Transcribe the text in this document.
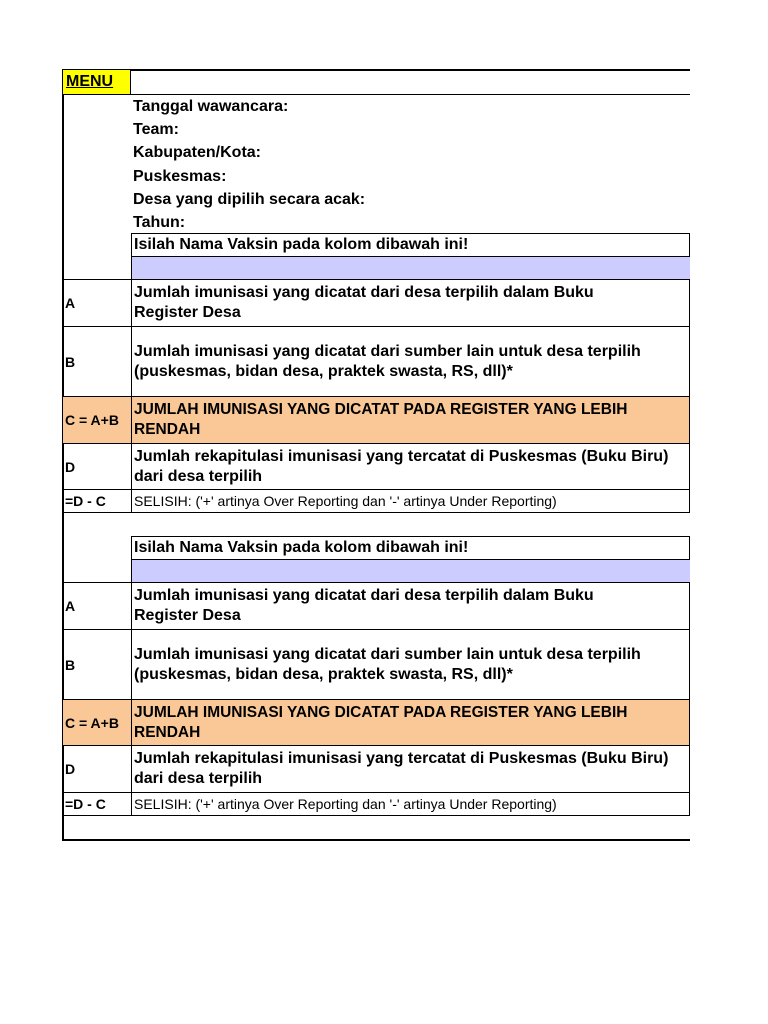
MENU
Tanggal wawancara:
Team:
Kabupaten/Kota:
Puskesmas:
Desa yang dipilih secara acak:
Tahun:
Isilah Nama Vaksin pada kolom dibawah ini!
A
Jumlah imunisasi yang dicatat dari desa terpilih dalam Buku Register Desa
B
Jumlah imunisasi yang dicatat dari sumber lain untuk desa terpilih (puskesmas, bidan desa, praktek swasta, RS, dll)*
C = A+B
JUMLAH IMUNISASI YANG DICATAT PADA REGISTER YANG LEBIH RENDAH
D
Jumlah rekapitulasi imunisasi yang tercatat di Puskesmas (Buku Biru) dari desa terpilih
=D - C	SELISIH: ('+' artinya Over Reporting dan '-' artinya Under Reporting)
Isilah Nama Vaksin pada kolom dibawah ini!
A
Jumlah imunisasi yang dicatat dari desa terpilih dalam Buku Register Desa
B
Jumlah imunisasi yang dicatat dari sumber lain untuk desa terpilih (puskesmas, bidan desa, praktek swasta, RS, dll)*
C = A+B
JUMLAH IMUNISASI YANG DICATAT PADA REGISTER YANG LEBIH RENDAH
D
Jumlah rekapitulasi imunisasi yang tercatat di Puskesmas (Buku Biru) dari desa terpilih
=D - C	SELISIH: ('+' artinya Over Reporting dan '-' artinya Under Reporting)
